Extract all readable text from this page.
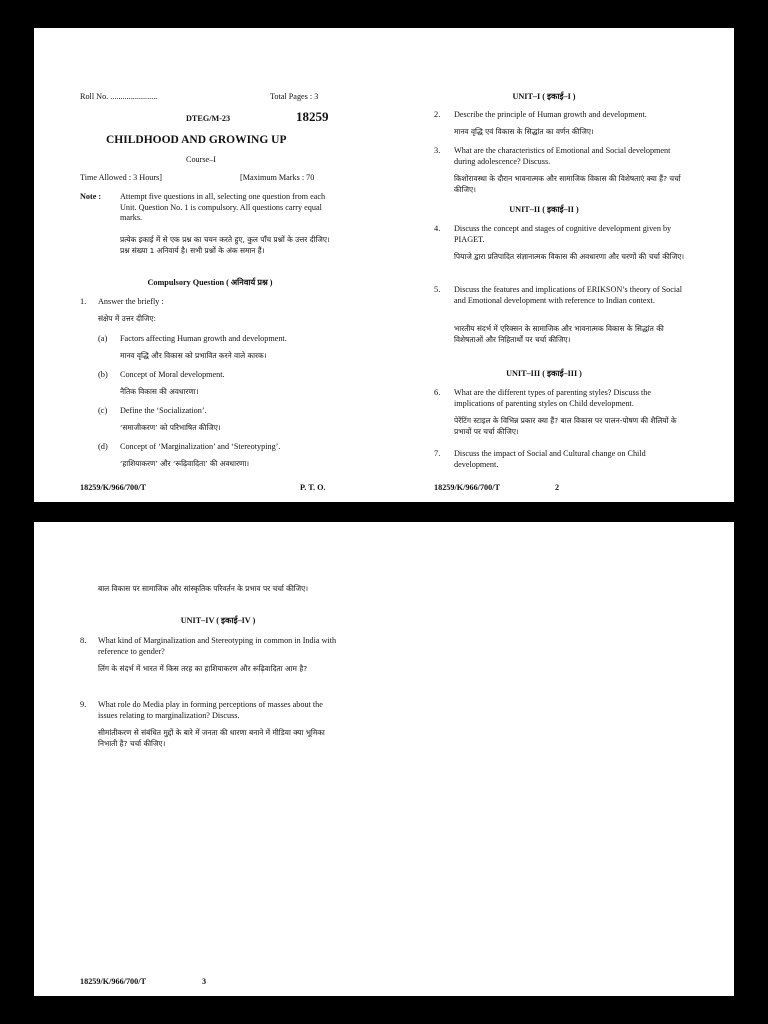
Roll No. .......................	Total Pages : 3
DTEG/M-23	18259
CHILDHOOD AND GROWING UP
Course–I
Time Allowed : 3 Hours]	[Maximum Marks : 70
Note : Attempt five questions in all, selecting one question from each Unit. Question No. 1 is compulsory. All questions carry equal marks.
प्रत्येक इकाई में से एक प्रश्न का चयन करते हुए, कुल पाँच प्रश्नों के उत्तर दीजिए। प्रश्न संख्या 1 अनिवार्य है। सभी प्रश्नों के अंक समान हैं।
Compulsory Question ( अनिवार्य प्रश्न )
1. Answer the briefly :
संक्षेप में उत्तर दीजिए:
(a) Factors affecting Human growth and development.
मानव वृद्धि और विकास को प्रभावित करने वाले कारक।
(b) Concept of Moral development.
नैतिक विकास की अवधारणा।
(c) Define the ‘Socialization’.
‘समाजीकरण’ को परिभाषित कीजिए।
(d) Concept of ‘Marginalization’ and ‘Stereotyping’.
‘हाशियाकरण’ और ‘रूढ़िवादिता’ की अवधारणा।
18259/K/966/700/T	P. T. O.
UNIT–I ( इकाई–I )
2. Describe the principle of Human growth and development.
मानव वृद्धि एवं विकास के सिद्धांत का वर्णन कीजिए।
3. What are the characteristics of Emotional and Social development during adolescence? Discuss.
किशोरावस्था के दौरान भावनात्मक और सामाजिक विकास की विशेषताएं क्या हैं? चर्चा कीजिए।
UNIT–II ( इकाई–II )
4. Discuss the concept and stages of cognitive development given by PIAGET.
पियाजे द्वारा प्रतिपादित संज्ञानात्मक विकास की अवधारणा और चरणों की चर्चा कीजिए।
5. Discuss the features and implications of ERIKSON’s theory of Social and Emotional development with reference to Indian context.
भारतीय संदर्भ में एरिक्सन के सामाजिक और भावनात्मक विकास के सिद्धांत की विशेषताओं और निहितार्थों पर चर्चा कीजिए।
UNIT–III ( इकाई–III )
6. What are the different types of parenting styles? Discuss the implications of parenting styles on Child development.
पेरेंटिंग स्टाइल के विभिन्न प्रकार क्या हैं? बाल विकास पर पालन-पोषण की शैलियों के प्रभावों पर चर्चा कीजिए।
7. Discuss the impact of Social and Cultural change on Child development.
18259/K/966/700/T	2
बाल विकास पर सामाजिक और सांस्कृतिक परिवर्तन के प्रभाव पर चर्चा कीजिए।
UNIT–IV ( इकाई–IV )
8. What kind of Marginalization and Stereotyping in common in India with reference to gender?
लिंग के संदर्भ में भारत में किस तरह का हाशियाकरण और रूढ़िवादिता आम है?
9. What role do Media play in forming perceptions of masses about the issues relating to marginalization? Discuss.
सीमांतीकरण से संबंधित मुद्दों के बारे में जनता की धारणा बनाने में मीडिया क्या भूमिका निभाती है? चर्चा कीजिए।
18259/K/966/700/T	3
